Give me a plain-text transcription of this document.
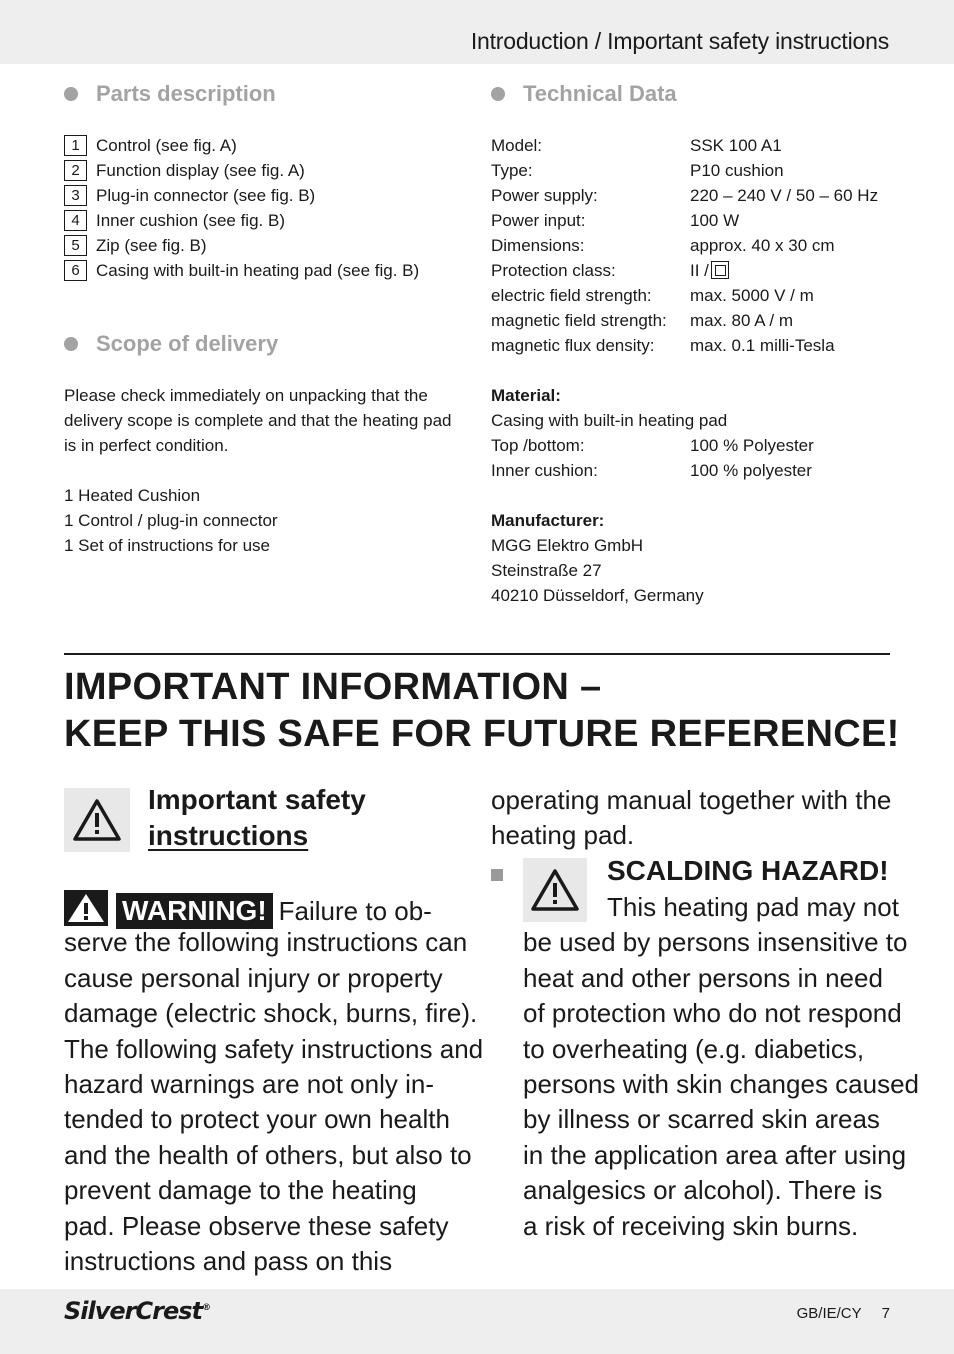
Introduction / Important safety instructions
Parts description
1 Control (see fig. A)
2 Function display (see fig. A)
3 Plug-in connector (see fig. B)
4 Inner cushion (see fig. B)
5 Zip (see fig. B)
6 Casing with built-in heating pad (see fig. B)
Scope of delivery
Please check immediately on unpacking that the
delivery scope is complete and that the heating pad
is in perfect condition.
1 Heated Cushion
1 Control / plug-in connector
1 Set of instructions for use
Technical Data
Model:	SSK 100 A1
Type:	P10 cushion
Power supply:	220 – 240 V / 50 – 60 Hz
Power input:	100 W
Dimensions:	approx. 40 x 30 cm
Protection class:	II /
electric field strength:	max. 5000 V / m
magnetic field strength:	max. 80 A / m
magnetic flux density:	max. 0.1 milli-Tesla
Material:
Casing with built-in heating pad
Top /bottom:	100 % Polyester
Inner cushion:	100 % polyester
Manufacturer:
MGG Elektro GmbH
Steinstraße 27
40210 Düsseldorf, Germany
IMPORTANT INFORMATION –
KEEP THIS SAFE FOR FUTURE REFERENCE!
Important safety
instructions
WARNING! Failure to ob-
serve the following instructions can
cause personal injury or property
damage (electric shock, burns, fire).
The following safety instructions and
hazard warnings are not only in-
tended to protect your own health
and the health of others, but also to
prevent damage to the heating
pad. Please observe these safety
instructions and pass on this
operating manual together with the
heating pad.
SCALDING HAZARD!
This heating pad may not
be used by persons insensitive to
heat and other persons in need
of protection who do not respond
to overheating (e.g. diabetics,
persons with skin changes caused
by illness or scarred skin areas
in the application area after using
analgesics or alcohol). There is
a risk of receiving skin burns.
SilverCrest®	GB/IE/CY 7
